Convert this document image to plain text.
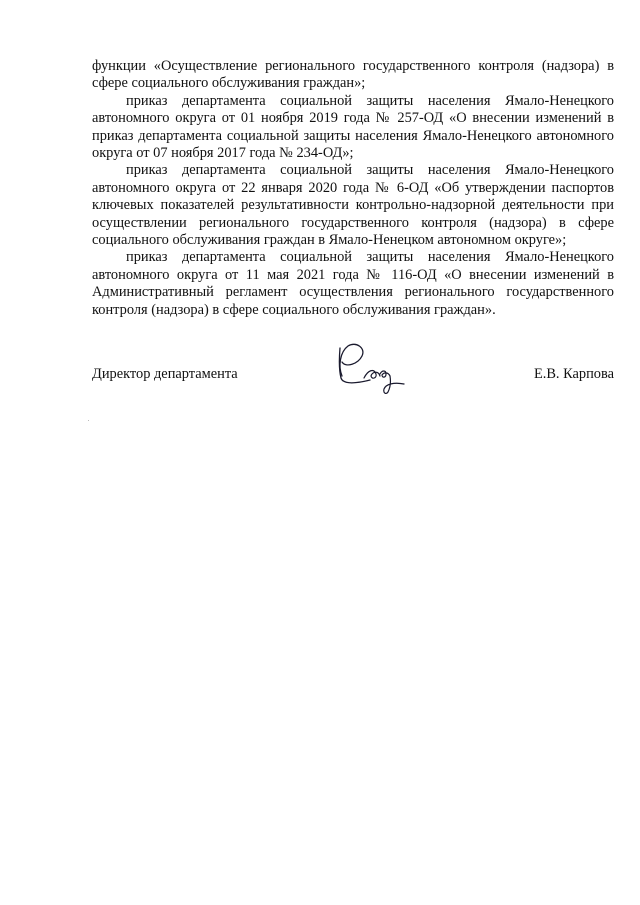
функции «Осуществление регионального государственного контроля (надзора) в сфере социального обслуживания граждан»;

приказ департамента социальной защиты населения Ямало-Ненецкого автономного округа от 01 ноября 2019 года № 257-ОД «О внесении изменений в приказ департамента социальной защиты населения Ямало-Ненецкого автономного округа от 07 ноября 2017 года № 234-ОД»;

приказ департамента социальной защиты населения Ямало-Ненецкого автономного округа от 22 января 2020 года № 6-ОД «Об утверждении паспортов ключевых показателей результативности контрольно-надзорной деятельности при осуществлении регионального государственного контроля (надзора) в сфере социального обслуживания граждан в Ямало-Ненецком автономном округе»;

приказ департамента социальной защиты населения Ямало-Ненецкого автономного округа от 11 мая 2021 года № 116-ОД «О внесении изменений в Административный регламент осуществления регионального государственного контроля (надзора) в сфере социального обслуживания граждан».

Директор департамента	Е.В. Карпова
